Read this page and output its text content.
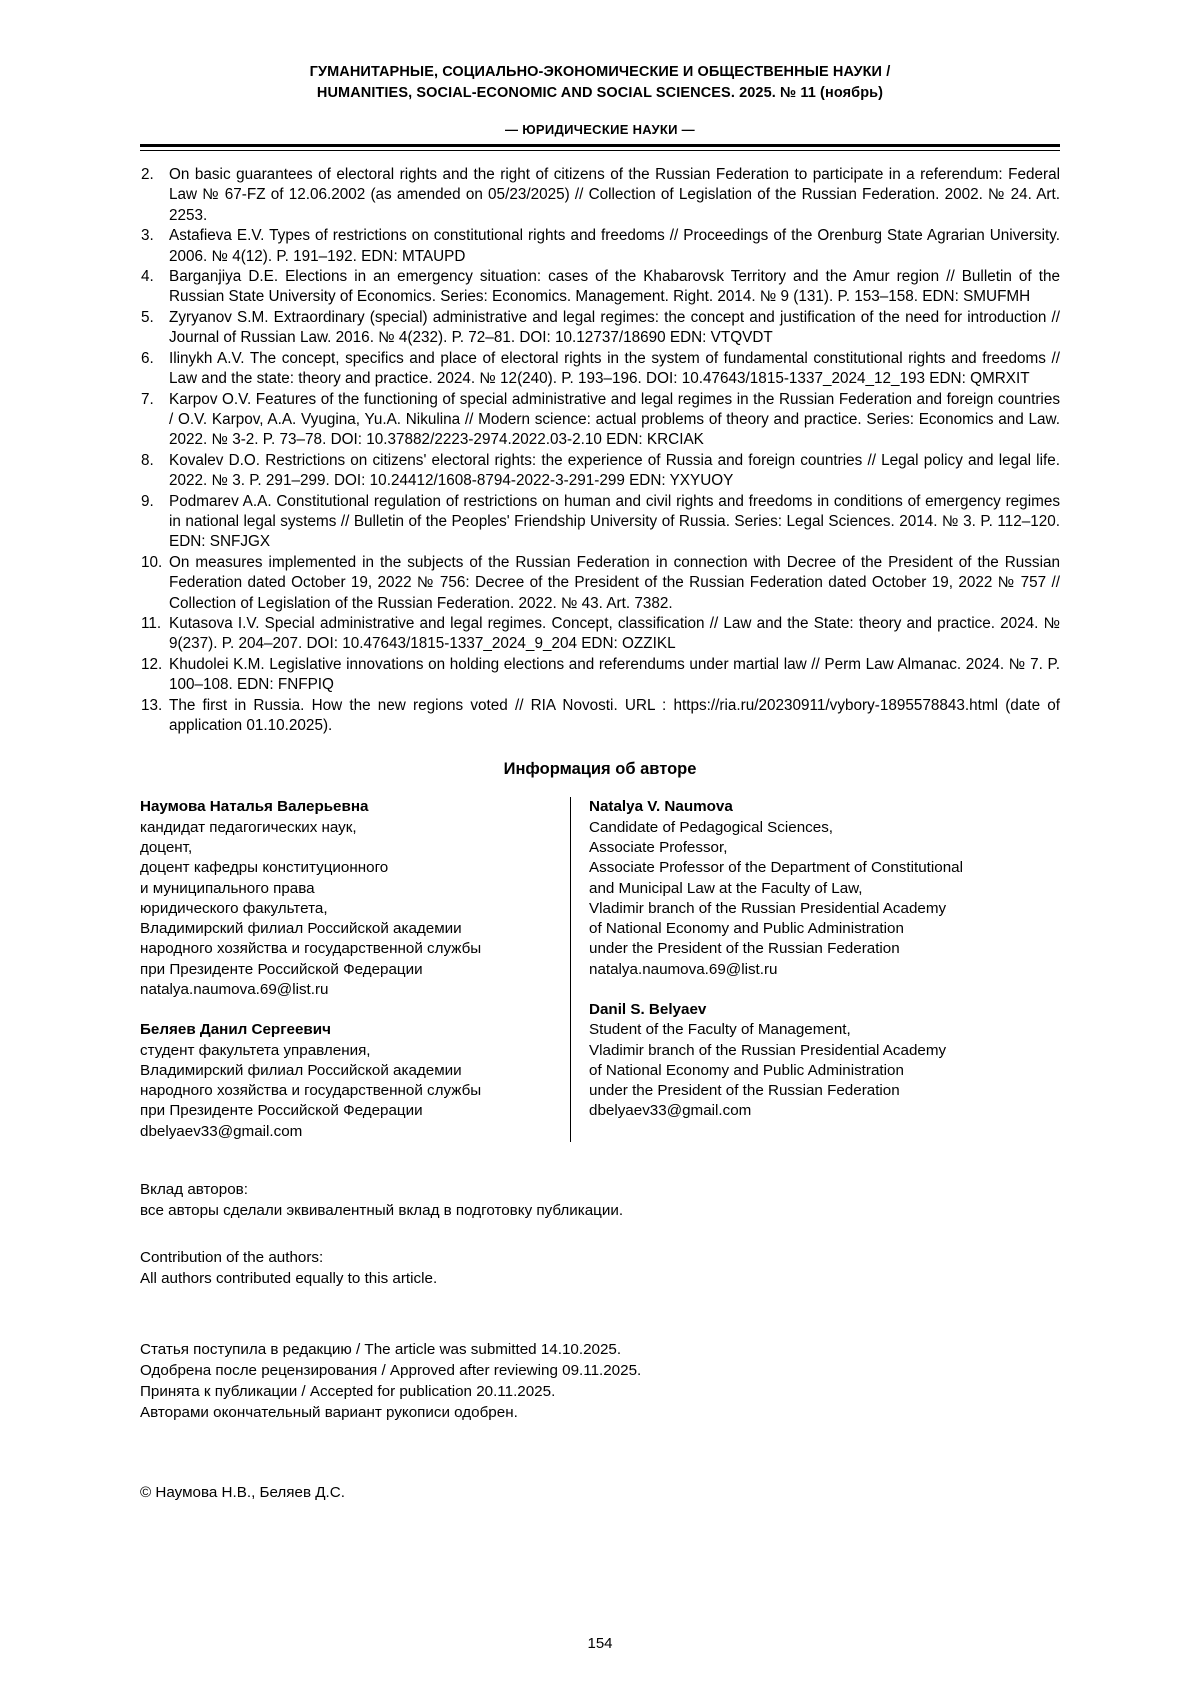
ГУМАНИТАРНЫЕ, СОЦИАЛЬНО-ЭКОНОМИЧЕСКИЕ И ОБЩЕСТВЕННЫЕ НАУКИ /
HUMANITIES, SOCIAL-ECONOMIC AND SOCIAL SCIENCES. 2025. № 11 (ноябрь)
— ЮРИДИЧЕСКИЕ НАУКИ —
2. On basic guarantees of electoral rights and the right of citizens of the Russian Federation to participate in a referendum: Federal Law № 67-FZ of 12.06.2002 (as amended on 05/23/2025) // Collection of Legislation of the Russian Federation. 2002. № 24. Art. 2253.
3. Astafieva E.V. Types of restrictions on constitutional rights and freedoms // Proceedings of the Orenburg State Agrarian University. 2006. № 4(12). P. 191–192. EDN: MTAUPD
4. Barganjiya D.E. Elections in an emergency situation: cases of the Khabarovsk Territory and the Amur region // Bulletin of the Russian State University of Economics. Series: Economics. Management. Right. 2014. № 9 (131). P. 153–158. EDN: SMUFMH
5. Zyryanov S.M. Extraordinary (special) administrative and legal regimes: the concept and justification of the need for introduction // Journal of Russian Law. 2016. № 4(232). P. 72–81. DOI: 10.12737/18690 EDN: VTQVDT
6. Ilinykh A.V. The concept, specifics and place of electoral rights in the system of fundamental constitutional rights and freedoms // Law and the state: theory and practice. 2024. № 12(240). P. 193–196. DOI: 10.47643/1815-1337_2024_12_193 EDN: QMRXIT
7. Karpov O.V. Features of the functioning of special administrative and legal regimes in the Russian Federation and foreign countries / O.V. Karpov, A.A. Vyugina, Yu.A. Nikulina // Modern science: actual problems of theory and practice. Series: Economics and Law. 2022. № 3-2. P. 73–78. DOI: 10.37882/2223-2974.2022.03-2.10 EDN: KRCIAK
8. Kovalev D.O. Restrictions on citizens' electoral rights: the experience of Russia and foreign countries // Legal policy and legal life. 2022. № 3. P. 291–299. DOI: 10.24412/1608-8794-2022-3-291-299 EDN: YXYUOY
9. Podmarev A.A. Constitutional regulation of restrictions on human and civil rights and freedoms in conditions of emergency regimes in national legal systems // Bulletin of the Peoples' Friendship University of Russia. Series: Legal Sciences. 2014. № 3. P. 112–120. EDN: SNFJGX
10. On measures implemented in the subjects of the Russian Federation in connection with Decree of the President of the Russian Federation dated October 19, 2022 № 756: Decree of the President of the Russian Federation dated October 19, 2022 № 757 // Collection of Legislation of the Russian Federation. 2022. № 43. Art. 7382.
11. Kutasova I.V. Special administrative and legal regimes. Concept, classification // Law and the State: theory and practice. 2024. № 9(237). P. 204–207. DOI: 10.47643/1815-1337_2024_9_204 EDN: OZZIKL
12. Khudolei K.M. Legislative innovations on holding elections and referendums under martial law // Perm Law Almanac. 2024. № 7. P. 100–108. EDN: FNFPIQ
13. The first in Russia. How the new regions voted // RIA Novosti. URL : https://ria.ru/20230911/vybory-1895578843.html (date of application 01.10.2025).
Информация об авторе
Наумова Наталья Валерьевна
кандидат педагогических наук,
доцент,
доцент кафедры конституционного
и муниципального права
юридического факультета,
Владимирский филиал Российской академии
народного хозяйства и государственной службы
при Президенте Российской Федерации
natalya.naumova.69@list.ru
Беляев Данил Сергеевич
студент факультета управления,
Владимирский филиал Российской академии
народного хозяйства и государственной службы
при Президенте Российской Федерации
dbelyaev33@gmail.com
Natalya V. Naumova
Candidate of Pedagogical Sciences,
Associate Professor,
Associate Professor of the Department of Constitutional
and Municipal Law at the Faculty of Law,
Vladimir branch of the Russian Presidential Academy
of National Economy and Public Administration
under the President of the Russian Federation
natalya.naumova.69@list.ru
Danil S. Belyaev
Student of the Faculty of Management,
Vladimir branch of the Russian Presidential Academy
of National Economy and Public Administration
under the President of the Russian Federation
dbelyaev33@gmail.com
Вклад авторов:
все авторы сделали эквивалентный вклад в подготовку публикации.
Contribution of the authors:
All authors contributed equally to this article.
Статья поступила в редакцию / The article was submitted 14.10.2025.
Одобрена после рецензирования / Approved after reviewing 09.11.2025.
Принята к публикации / Accepted for publication 20.11.2025.
Авторами окончательный вариант рукописи одобрен.
© Наумова Н.В., Беляев Д.С.
154
